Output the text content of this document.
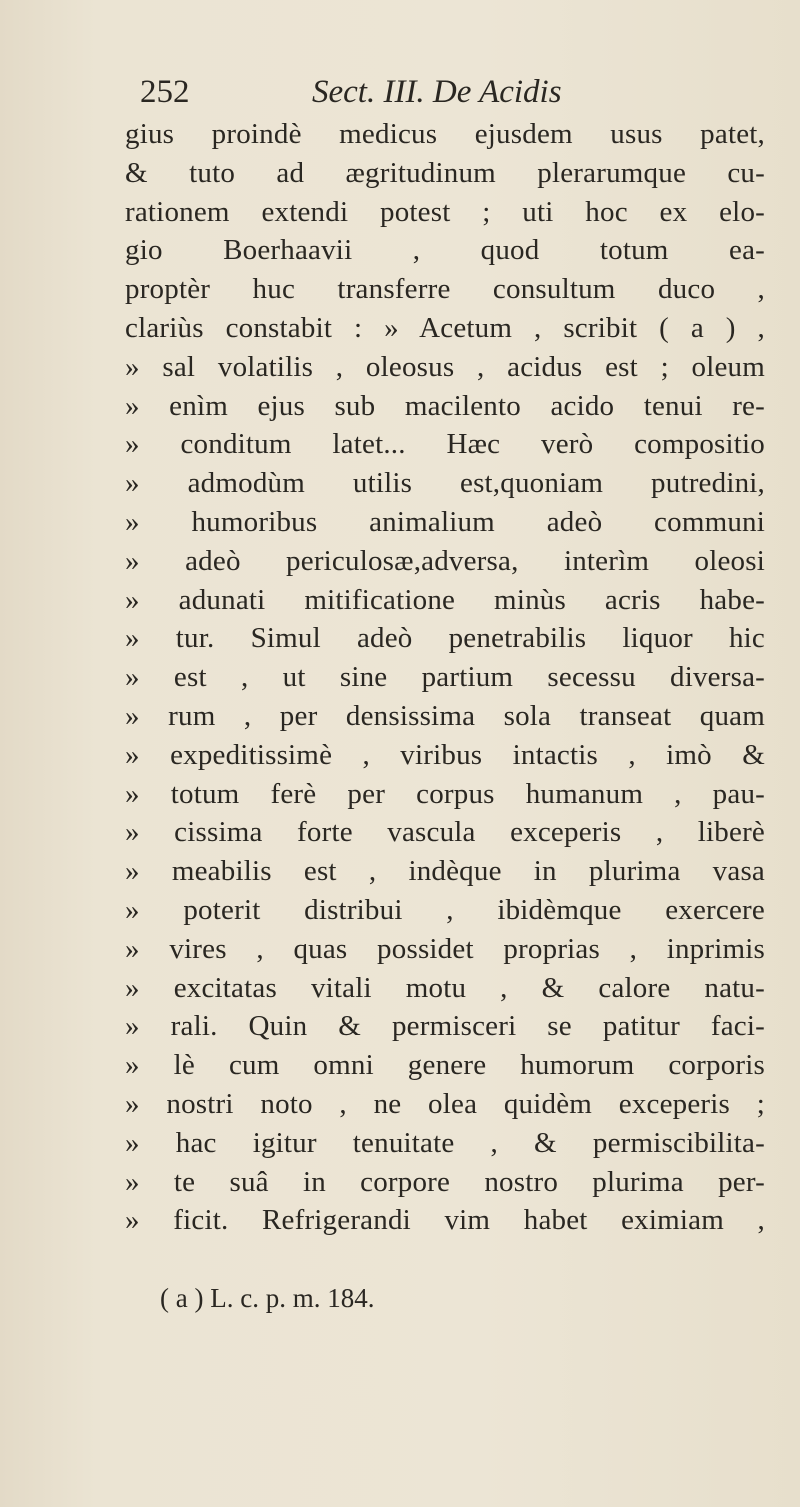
252	Sect. III. De Acidis
gius proindè medicus ejusdem usus patet,
& tuto ad ægritudinum plerarumque cu-
rationem extendi potest ; uti hoc ex elo-
gio Boerhaavii , quod totum ea-
proptèr huc transferre consultum duco ,
clariùs constabit : » Acetum , scribit ( a ) ,
» sal volatilis , oleosus , acidus est ; oleum
» enìm ejus sub macilento acido tenui re-
» conditum latet... Hæc verò compositio
» admodùm utilis est,quoniam putredini,
» humoribus animalium adeò communi
» adeò periculosæ,adversa, interìm oleosi
» adunati mitificatione minùs acris habe-
» tur. Simul adeò penetrabilis liquor hic
» est , ut sine partium secessu diversa-
» rum , per densissima sola transeat quam
» expeditissimè , viribus intactis , imò &
» totum ferè per corpus humanum , pau-
» cissima forte vascula exceperis , liberè
» meabilis est , indèque in plurima vasa
» poterit distribui , ibidèmque exercere
» vires , quas possidet proprias , inprimis
» excitatas vitali motu , & calore natu-
» rali. Quin & permisceri se patitur faci-
» lè cum omni genere humorum corporis
» nostri noto , ne olea quidèm exceperis ;
» hac igitur tenuitate , & permiscibilita-
» te suâ in corpore nostro plurima per-
» ficit. Refrigerandi vim habet eximiam ,
( a ) L. c. p. m. 184.
